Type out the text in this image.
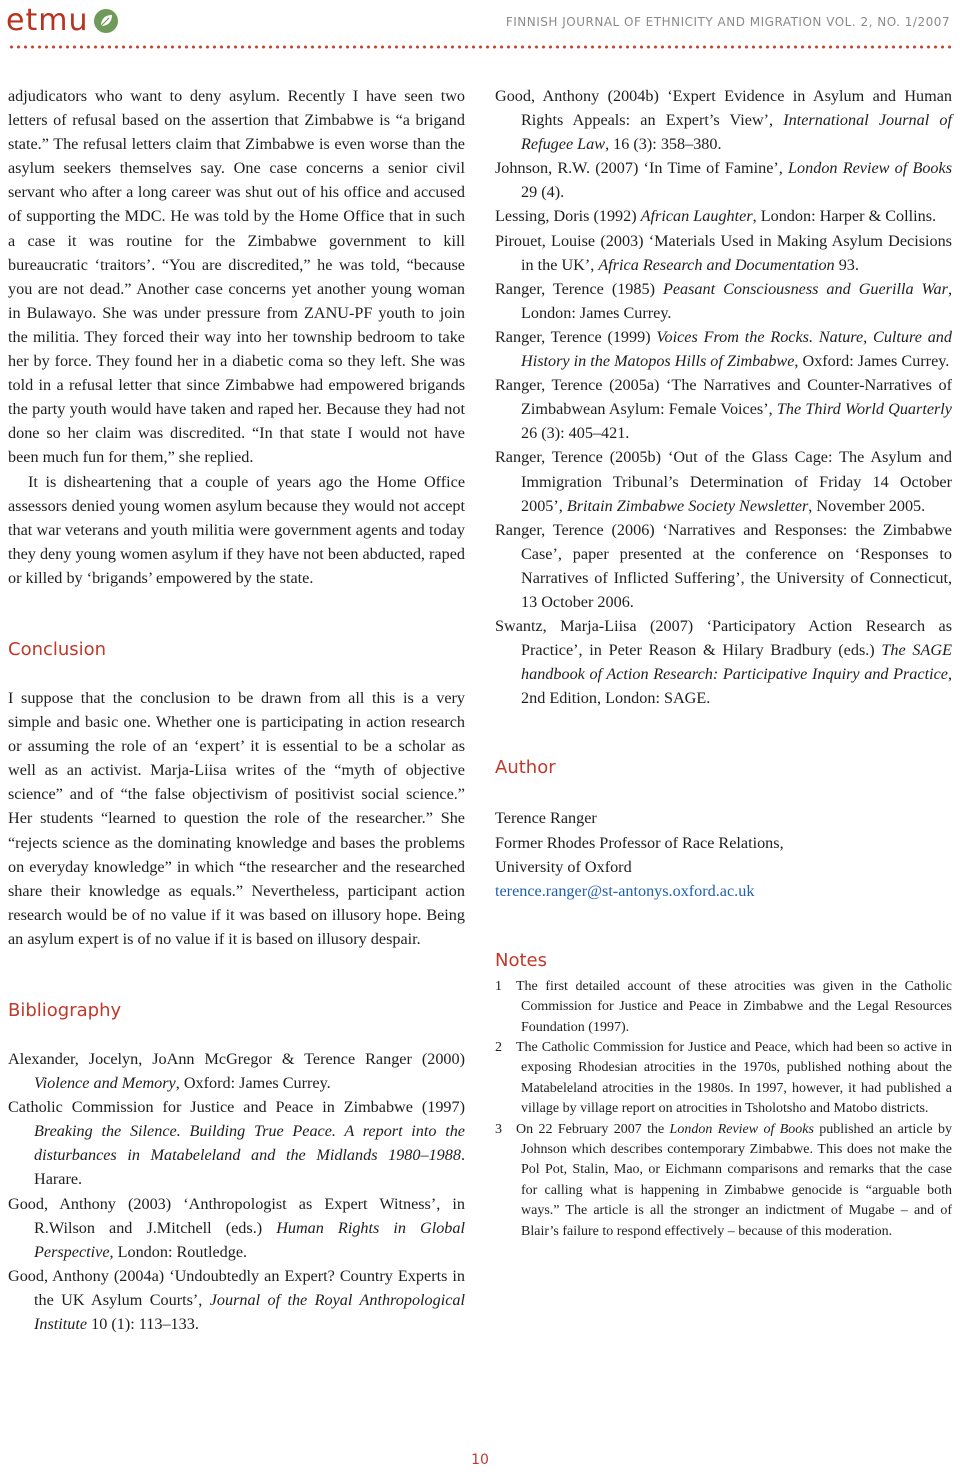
etmu	FINNISH JOURNAL OF ETHNICITY AND MIGRATION VOL. 2, NO. 1/2007

adjudicators who want to deny asylum. Recently I have seen two letters of refusal based on the assertion that Zimbabwe is “a brigand state.” The refusal letters claim that Zimbabwe is even worse than the asylum seekers themselves say. One case concerns a senior civil servant who after a long career was shut out of his office and accused of supporting the MDC. He was told by the Home Office that in such a case it was routine for the Zimbabwe government to kill bureaucratic ‘traitors’. “You are discredited,” he was told, “because you are not dead.” Another case concerns yet another young woman in Bulawayo. She was under pressure from ZANU-PF youth to join the militia. They forced their way into her township bedroom to take her by force. They found her in a diabetic coma so they left. She was told in a refusal letter that since Zimbabwe had empowered brigands the party youth would have taken and raped her. Because they had not done so her claim was discredited. “In that state I would not have been much fun for them,” she replied.

It is disheartening that a couple of years ago the Home Office assessors denied young women asylum because they would not accept that war veterans and youth militia were government agents and today they deny young women asylum if they have not been abducted, raped or killed by ‘brigands’ empowered by the state.

Conclusion

I suppose that the conclusion to be drawn from all this is a very simple and basic one. Whether one is participating in action research or assuming the role of an ‘expert’ it is essential to be a scholar as well as an activist. Marja-Liisa writes of the “myth of objective science” and of “the false objectivism of positivist social science.” Her students “learned to question the role of the researcher.” She “rejects science as the dominating knowledge and bases the problems on everyday knowledge” in which “the researcher and the researched share their knowledge as equals.” Nevertheless, participant action research would be of no value if it was based on illusory hope. Being an asylum expert is of no value if it is based on illusory despair.

Bibliography

Alexander, Jocelyn, JoAnn McGregor & Terence Ranger (2000) Violence and Memory, Oxford: James Currey.

Catholic Commission for Justice and Peace in Zimbabwe (1997) Breaking the Silence. Building True Peace. A report into the disturbances in Matabeleland and the Midlands 1980–1988. Harare.

Good, Anthony (2003) ‘Anthropologist as Expert Witness’, in R.Wilson and J.Mitchell (eds.) Human Rights in Global Perspective, London: Routledge.

Good, Anthony (2004a) ‘Undoubtedly an Expert? Country Experts in the UK Asylum Courts’, Journal of the Royal Anthropological Institute 10 (1): 113–133.

Good, Anthony (2004b) ‘Expert Evidence in Asylum and Human Rights Appeals: an Expert’s View’, International Journal of Refugee Law, 16 (3): 358–380.

Johnson, R.W. (2007) ‘In Time of Famine’, London Review of Books 29 (4).

Lessing, Doris (1992) African Laughter, London: Harper & Collins.

Pirouet, Louise (2003) ‘Materials Used in Making Asylum Decisions in the UK’, Africa Research and Documentation 93.

Ranger, Terence (1985) Peasant Consciousness and Guerilla War, London: James Currey.

Ranger, Terence (1999) Voices From the Rocks. Nature, Culture and History in the Matopos Hills of Zimbabwe, Oxford: James Currey.

Ranger, Terence (2005a) ‘The Narratives and Counter-Narratives of Zimbabwean Asylum: Female Voices’, The Third World Quarterly 26 (3): 405–421.

Ranger, Terence (2005b) ‘Out of the Glass Cage: The Asylum and Immigration Tribunal’s Determination of Friday 14 October 2005’, Britain Zimbabwe Society Newsletter, November 2005.

Ranger, Terence (2006) ‘Narratives and Responses: the Zimbabwe Case’, paper presented at the conference on ‘Responses to Narratives of Inflicted Suffering’, the University of Connecticut, 13 October 2006.

Swantz, Marja-Liisa (2007) ‘Participatory Action Research as Practice’, in Peter Reason & Hilary Bradbury (eds.) The SAGE handbook of Action Research: Participative Inquiry and Practice, 2nd Edition, London: SAGE.

Author
Terence Ranger
Former Rhodes Professor of Race Relations,
University of Oxford
terence.ranger@st-antonys.oxford.ac.uk
Notes

1 The first detailed account of these atrocities was given in the Catholic Commission for Justice and Peace in Zimbabwe and the Legal Resources Foundation (1997).

2 The Catholic Commission for Justice and Peace, which had been so active in exposing Rhodesian atrocities in the 1970s, published nothing about the Matabeleland atrocities in the 1980s. In 1997, however, it had published a village by village report on atrocities in Tsholotsho and Matobo districts.

3 On 22 February 2007 the London Review of Books published an article by Johnson which describes contemporary Zimbabwe. This does not make the Pol Pot, Stalin, Mao, or Eichmann comparisons and remarks that the case for calling what is happening in Zimbabwe genocide is “arguable both ways.” The article is all the stronger an indictment of Mugabe – and of Blair’s failure to respond effectively – because of this moderation.

10
